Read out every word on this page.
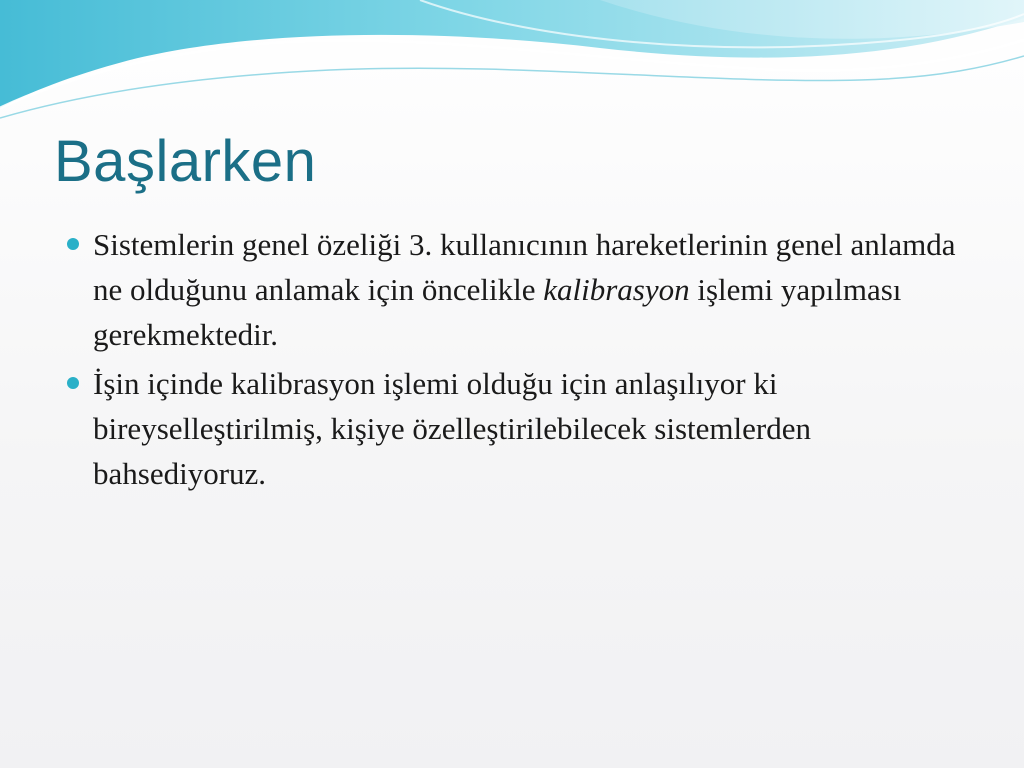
Başlarken
Sistemlerin genel özeliği 3. kullanıcının hareketlerinin genel anlamda ne olduğunu anlamak için öncelikle kalibrasyon işlemi yapılması gerekmektedir.
İşin içinde kalibrasyon işlemi olduğu için anlaşılıyor ki bireyselleştirilmiş, kişiye özelleştirilebilecek sistemlerden bahsediyoruz.
